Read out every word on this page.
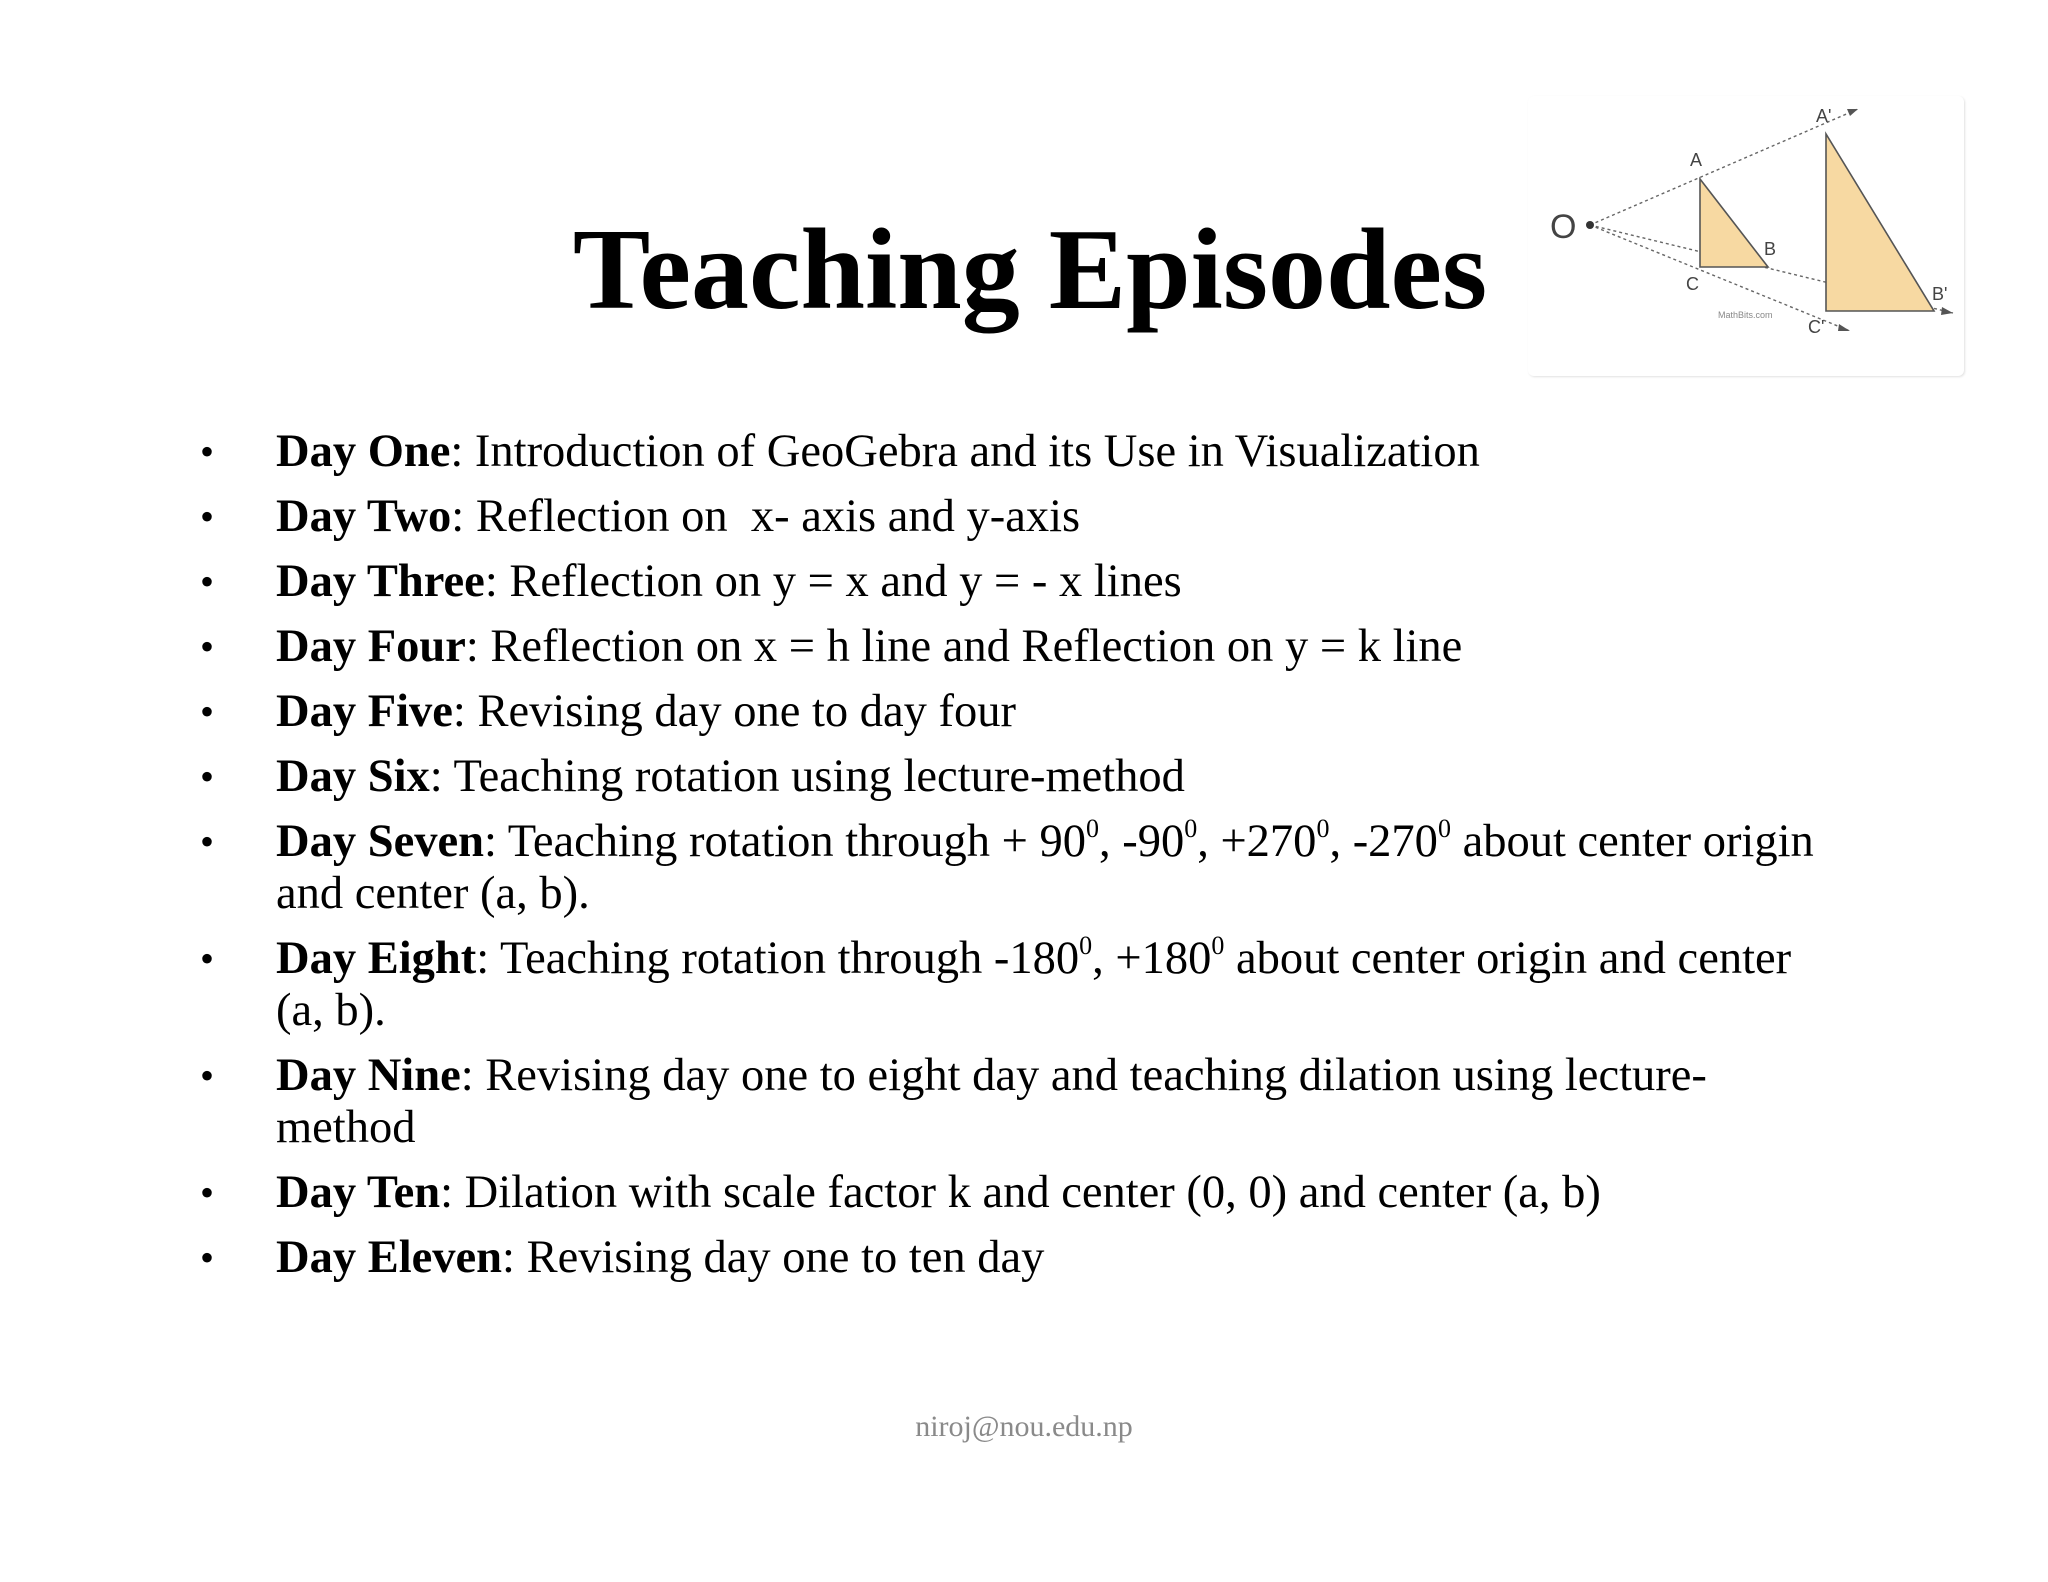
Teaching Episodes	O
A
B
C
A'
B'
C'
MathBits.com
•	Day One: Introduction of GeoGebra and its Use in Visualization
•	Day Two: Reflection on  x- axis and y-axis
•	Day Three: Reflection on y = x and y = - x lines
•	Day Four: Reflection on x = h line and Reflection on y = k line
•	Day Five: Revising day one to day four
•	Day Six: Teaching rotation using lecture-method
•	Day Seven: Teaching rotation through + $90^0$, $-90^0$, $+270^0$, $-270^0$ about center origin and center (a, b).
•	Day Eight: Teaching rotation through $-180^0$, $+180^0$ about center origin and center (a, b).
•	Day Nine: Revising day one to eight day and teaching dilation using lecture-method
•	Day Ten: Dilation with scale factor k and center (0, 0) and center (a, b)
•	Day Eleven: Revising day one to ten day
niroj@nou.edu.np
